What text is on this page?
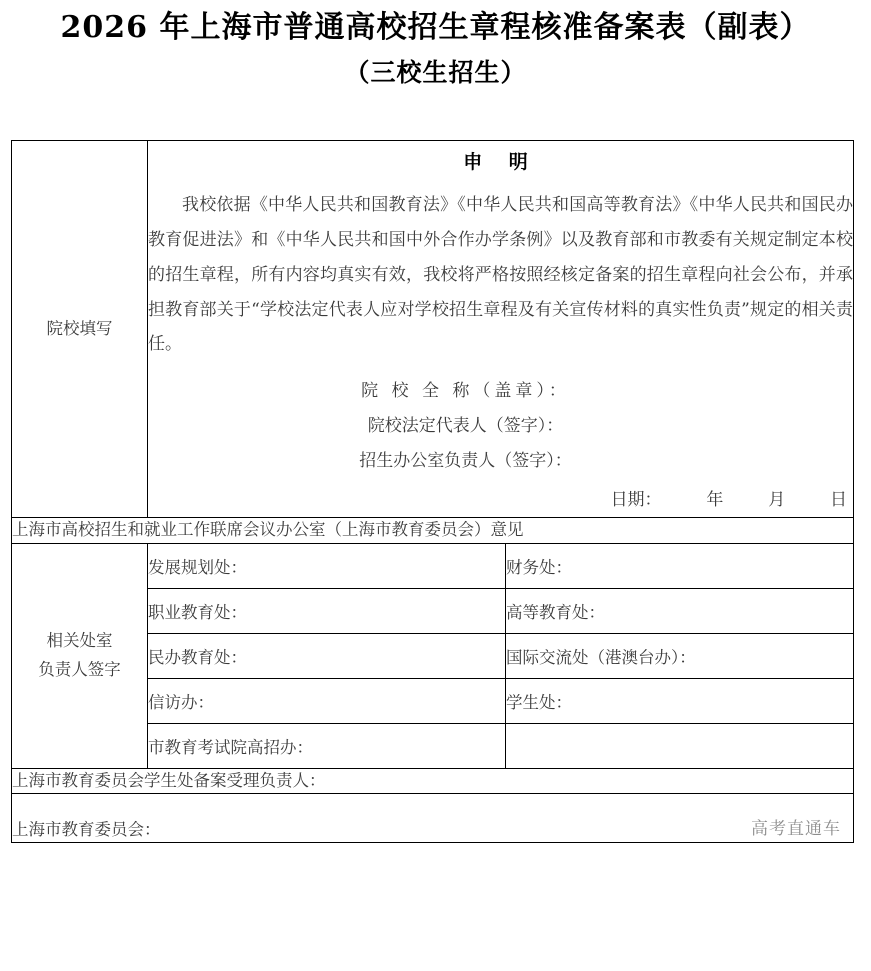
2026 年上海市普通高校招生章程核准备案表（副表）
（三校生招生）
院校填写

申 明

我校依据《中华人民共和国教育法》《中华人民共和国高等教育法》《中华人民共和国民办教育促进法》和《中华人民共和国中外合作办学条例》以及教育部和市教委有关规定制定本校的招生章程，所有内容均真实有效，我校将严格按照经核定备案的招生章程向社会公布，并承担教育部关于“学校法定代表人应对学校招生章程及有关宣传材料的真实性负责”规定的相关责任。

院 校 全 称（盖章）：
院校法定代表人（签字）：
招生办公室负责人（签字）：
日期：	年	月	日

上海市高校招生和就业工作联席会议办公室（上海市教育委员会）意见		

相关处室
负责人签字	发展规划处：	财务处：
	职业教育处：	高等教育处：
	民办教育处：	国际交流处（港澳台办）：
	信访办：	学生处：
	市教育考试院高招办：	
上海市教育委员会学生处备案受理负责人：		

上海市教育委员会： 高考直通车		
